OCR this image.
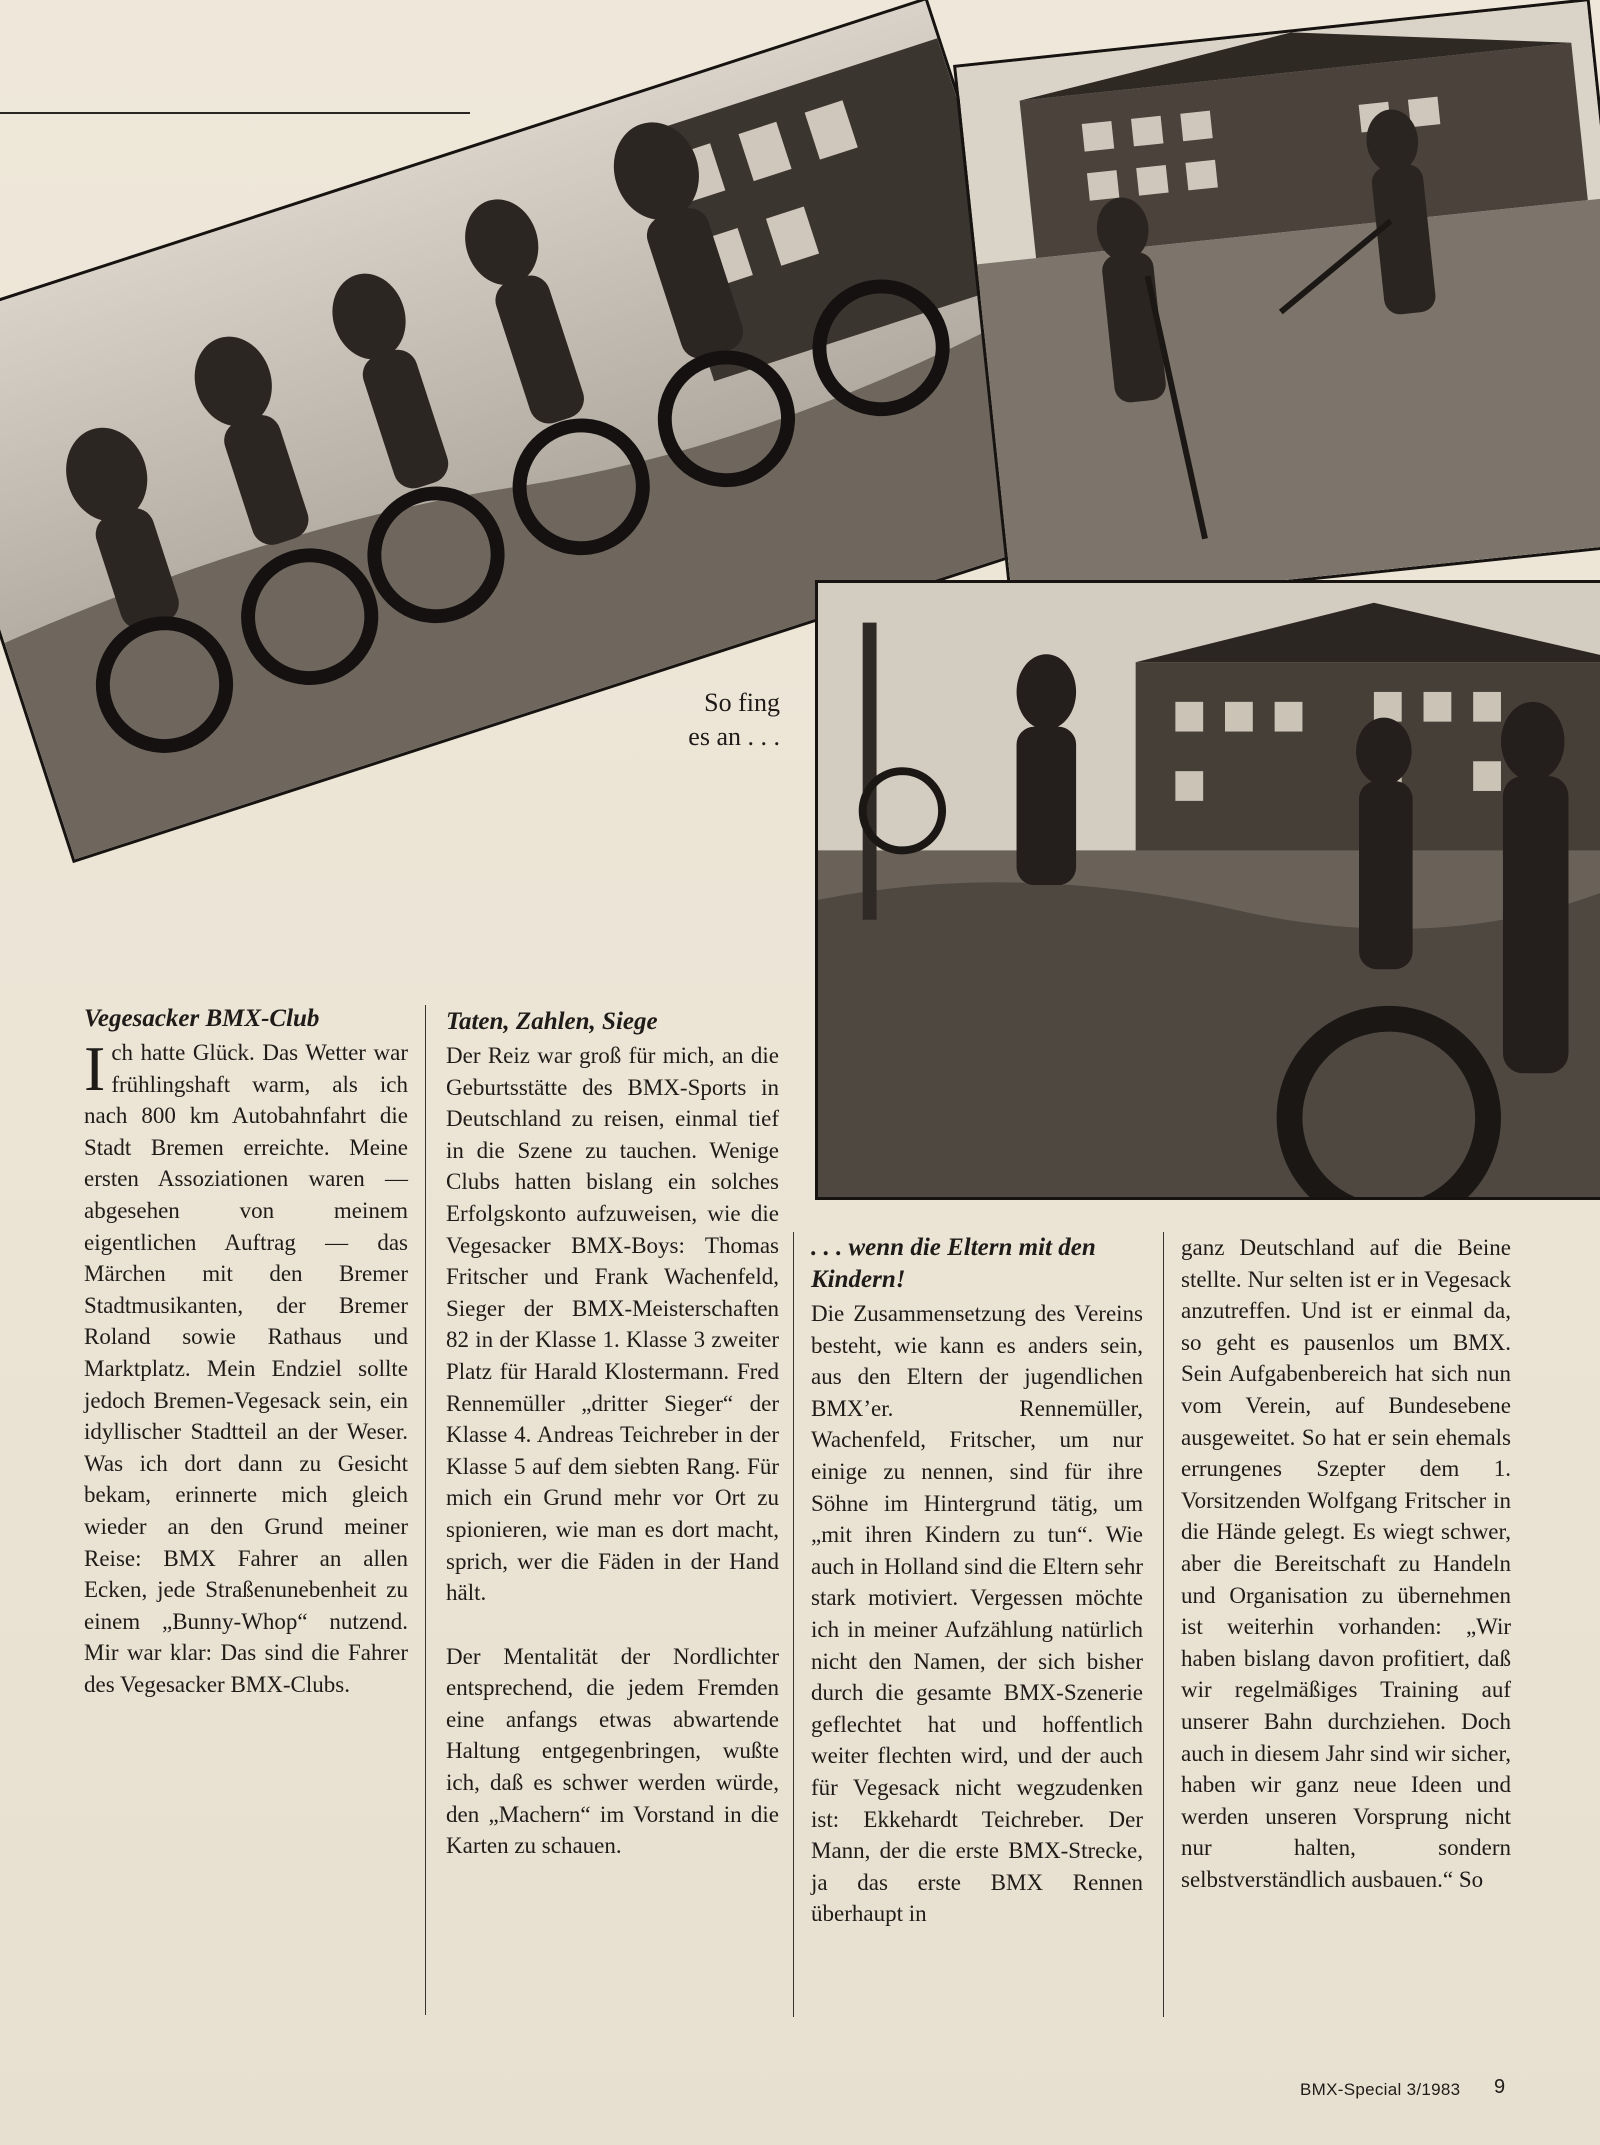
So fing
es an . . .
Vegesacker BMX-Club

Ich hatte Glück. Das Wetter war frühlingshaft warm, als ich nach 800 km Autobahnfahrt die Stadt Bremen erreichte. Meine ersten Assoziationen waren — abgesehen von meinem eigentlichen Auftrag — das Märchen mit den Bremer Stadtmusikanten, der Bremer Roland sowie Rathaus und Marktplatz. Mein Endziel sollte jedoch Bremen-Vegesack sein, ein idyllischer Stadtteil an der Weser. Was ich dort dann zu Gesicht bekam, erinnerte mich gleich wieder an den Grund meiner Reise: BMX Fahrer an allen Ecken, jede Straßenunebenheit zu einem „Bunny-Whop“ nutzend. Mir war klar: Das sind die Fahrer des Vegesacker BMX-Clubs.

Taten, Zahlen, Siege

Der Reiz war groß für mich, an die Geburtsstätte des BMX-Sports in Deutschland zu reisen, einmal tief in die Szene zu tauchen. Wenige Clubs hatten bislang ein solches Erfolgskonto aufzuweisen, wie die Vegesacker BMX-Boys: Thomas Fritscher und Frank Wachenfeld, Sieger der BMX-Meisterschaften 82 in der Klasse 1. Klasse 3 zweiter Platz für Harald Klostermann. Fred Rennemüller „dritter Sieger“ der Klasse 4. Andreas Teichreber in der Klasse 5 auf dem siebten Rang. Für mich ein Grund mehr vor Ort zu spionieren, wie man es dort macht, sprich, wer die Fäden in der Hand hält.

Der Mentalität der Nordlichter entsprechend, die jedem Fremden eine anfangs etwas abwartende Haltung entgegenbringen, wußte ich, daß es schwer werden würde, den „Machern“ im Vorstand in die Karten zu schauen.

. . . wenn die Eltern mit den Kindern!

Die Zusammensetzung des Vereins besteht, wie kann es anders sein, aus den Eltern der jugendlichen BMX’er. Rennemüller, Wachenfeld, Fritscher, um nur einige zu nennen, sind für ihre Söhne im Hintergrund tätig, um „mit ihren Kindern zu tun“. Wie auch in Holland sind die Eltern sehr stark motiviert. Vergessen möchte ich in meiner Aufzählung natürlich nicht den Namen, der sich bisher durch die gesamte BMX-Szenerie geflechtet hat und hoffentlich weiter flechten wird, und der auch für Vegesack nicht wegzudenken ist: Ekkehardt Teichreber. Der Mann, der die erste BMX-Strecke, ja das erste BMX Rennen überhaupt in

ganz Deutschland auf die Beine stellte. Nur selten ist er in Vegesack anzutreffen. Und ist er einmal da, so geht es pausenlos um BMX. Sein Aufgabenbereich hat sich nun vom Verein, auf Bundesebene ausgeweitet. So hat er sein ehemals errungenes Szepter dem 1. Vorsitzenden Wolfgang Fritscher in die Hände gelegt. Es wiegt schwer, aber die Bereitschaft zu Handeln und Organisation zu übernehmen ist weiterhin vorhanden: „Wir haben bislang davon profitiert, daß wir regelmäßiges Training auf unserer Bahn durchziehen. Doch auch in diesem Jahr sind wir sicher, haben wir ganz neue Ideen und werden unseren Vorsprung nicht nur halten, sondern selbstverständlich ausbauen.“ So

BMX-Special 3/1983 9
